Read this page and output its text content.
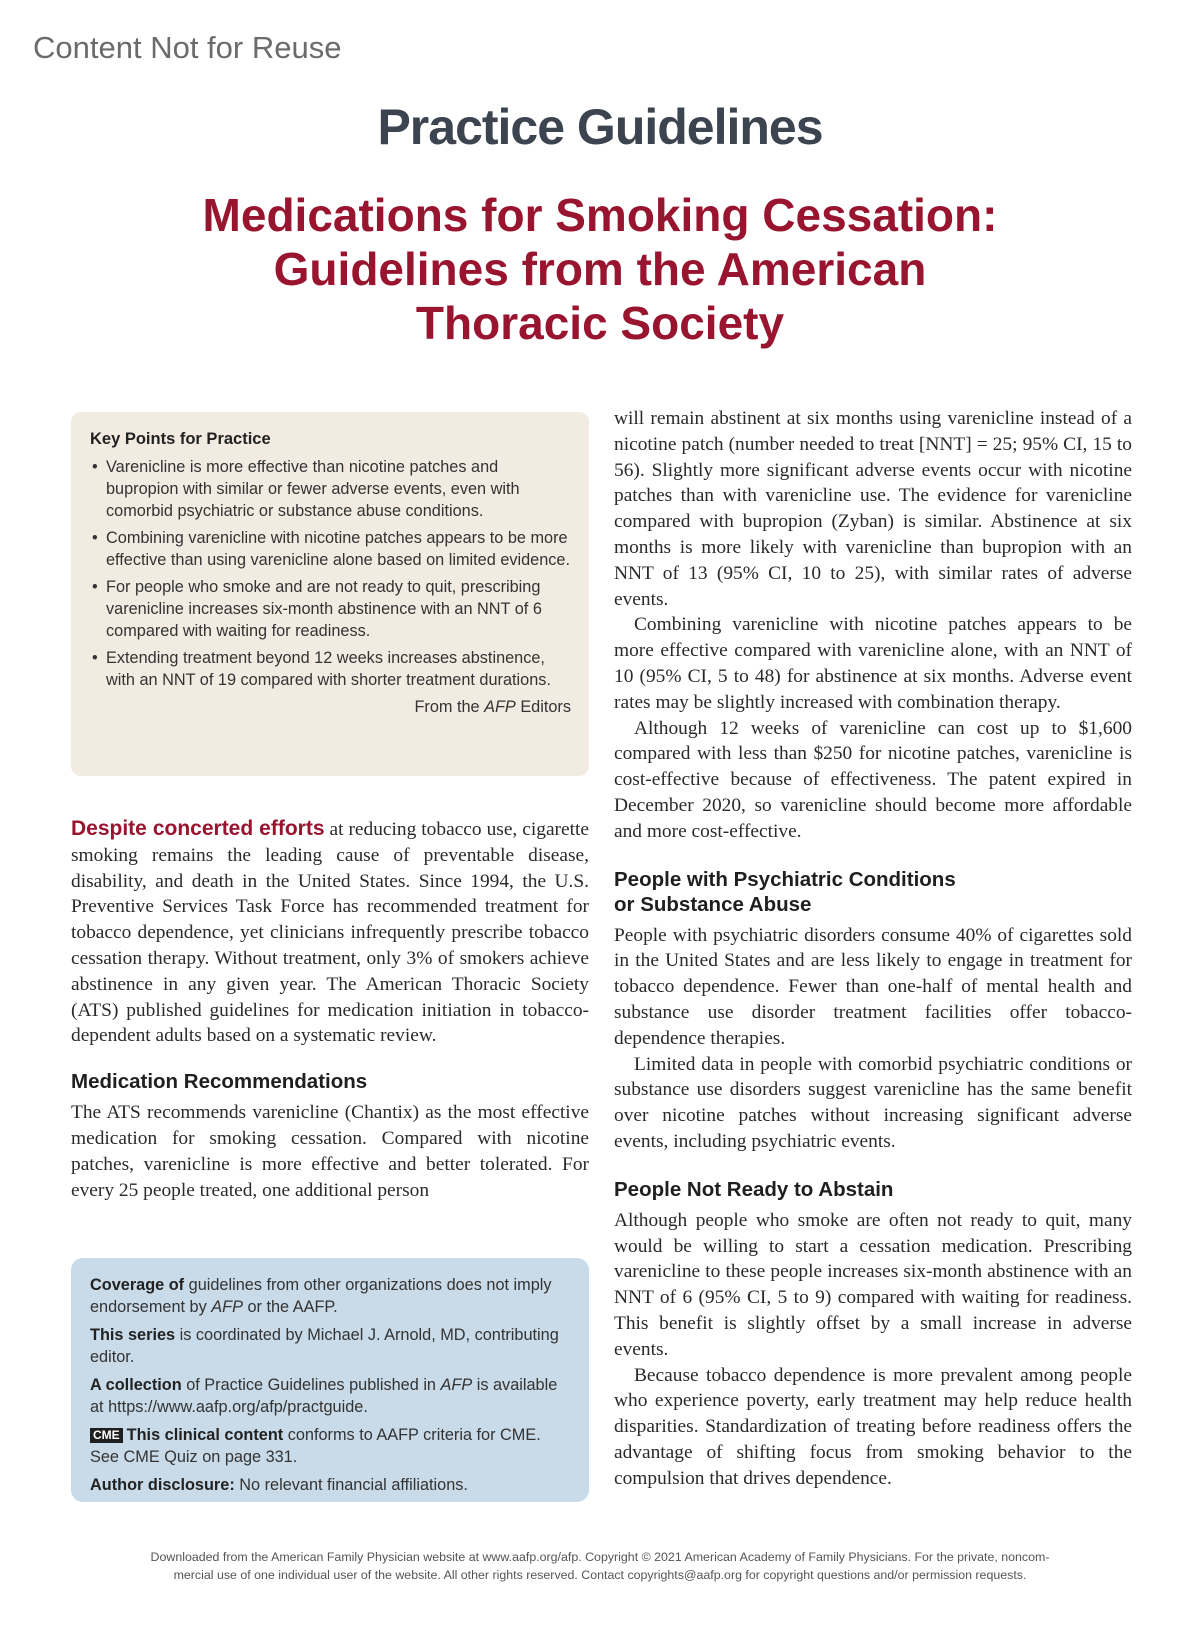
Content Not for Reuse
Practice Guidelines
Medications for Smoking Cessation:
Guidelines from the American
Thoracic Society
Key Points for Practice
• Varenicline is more effective than nicotine patches and bupropion with similar or fewer adverse events, even with comorbid psychiatric or substance abuse conditions.
• Combining varenicline with nicotine patches appears to be more effective than using varenicline alone based on limited evidence.
• For people who smoke and are not ready to quit, prescribing varenicline increases six-month abstinence with an NNT of 6 compared with waiting for readiness.
• Extending treatment beyond 12 weeks increases abstinence, with an NNT of 19 compared with shorter treatment durations.
From the AFP Editors

Despite concerted efforts at reducing tobacco use, cigarette smoking remains the leading cause of preventable disease, disability, and death in the United States. Since 1994, the U.S. Preventive Services Task Force has recommended treatment for tobacco dependence, yet clinicians infrequently prescribe tobacco cessation therapy. Without treatment, only 3% of smokers achieve abstinence in any given year. The American Thoracic Society (ATS) published guidelines for medication initiation in tobacco-dependent adults based on a systematic review.

Medication Recommendations

The ATS recommends varenicline (Chantix) as the most effective medication for smoking cessation. Compared with nicotine patches, varenicline is more effective and better tolerated. For every 25 people treated, one additional person

Coverage of guidelines from other organizations does not imply endorsement by AFP or the AAFP.

This series is coordinated by Michael J. Arnold, MD, contributing editor.

A collection of Practice Guidelines published in AFP is available at https://www.aafp.org/afp/practguide.

CME This clinical content conforms to AAFP criteria for CME. See CME Quiz on page 331.

Author disclosure: No relevant financial affiliations.

will remain abstinent at six months using varenicline instead of a nicotine patch (number needed to treat [NNT] = 25; 95% CI, 15 to 56). Slightly more significant adverse events occur with nicotine patches than with varenicline use. The evidence for varenicline compared with bupropion (Zyban) is similar. Abstinence at six months is more likely with varenicline than bupropion with an NNT of 13 (95% CI, 10 to 25), with similar rates of adverse events.

Combining varenicline with nicotine patches appears to be more effective compared with varenicline alone, with an NNT of 10 (95% CI, 5 to 48) for abstinence at six months. Adverse event rates may be slightly increased with combination therapy.

Although 12 weeks of varenicline can cost up to $1,600 compared with less than $250 for nicotine patches, varenicline is cost-effective because of effectiveness. The patent expired in December 2020, so varenicline should become more affordable and more cost-effective.

People with Psychiatric Conditions
or Substance Abuse

People with psychiatric disorders consume 40% of cigarettes sold in the United States and are less likely to engage in treatment for tobacco dependence. Fewer than one-half of mental health and substance use disorder treatment facilities offer tobacco-dependence therapies.

Limited data in people with comorbid psychiatric conditions or substance use disorders suggest varenicline has the same benefit over nicotine patches without increasing significant adverse events, including psychiatric events.

People Not Ready to Abstain

Although people who smoke are often not ready to quit, many would be willing to start a cessation medication. Prescribing varenicline to these people increases six-month abstinence with an NNT of 6 (95% CI, 5 to 9) compared with waiting for readiness. This benefit is slightly offset by a small increase in adverse events.

Because tobacco dependence is more prevalent among people who experience poverty, early treatment may help reduce health disparities. Standardization of treating before readiness offers the advantage of shifting focus from smoking behavior to the compulsion that drives dependence.

Downloaded from the American Family Physician website at www.aafp.org/afp. Copyright © 2021 American Academy of Family Physicians. For the private, noncom-
mercial use of one individual user of the website. All other rights reserved. Contact copyrights@aafp.org for copyright questions and/or permission requests.
